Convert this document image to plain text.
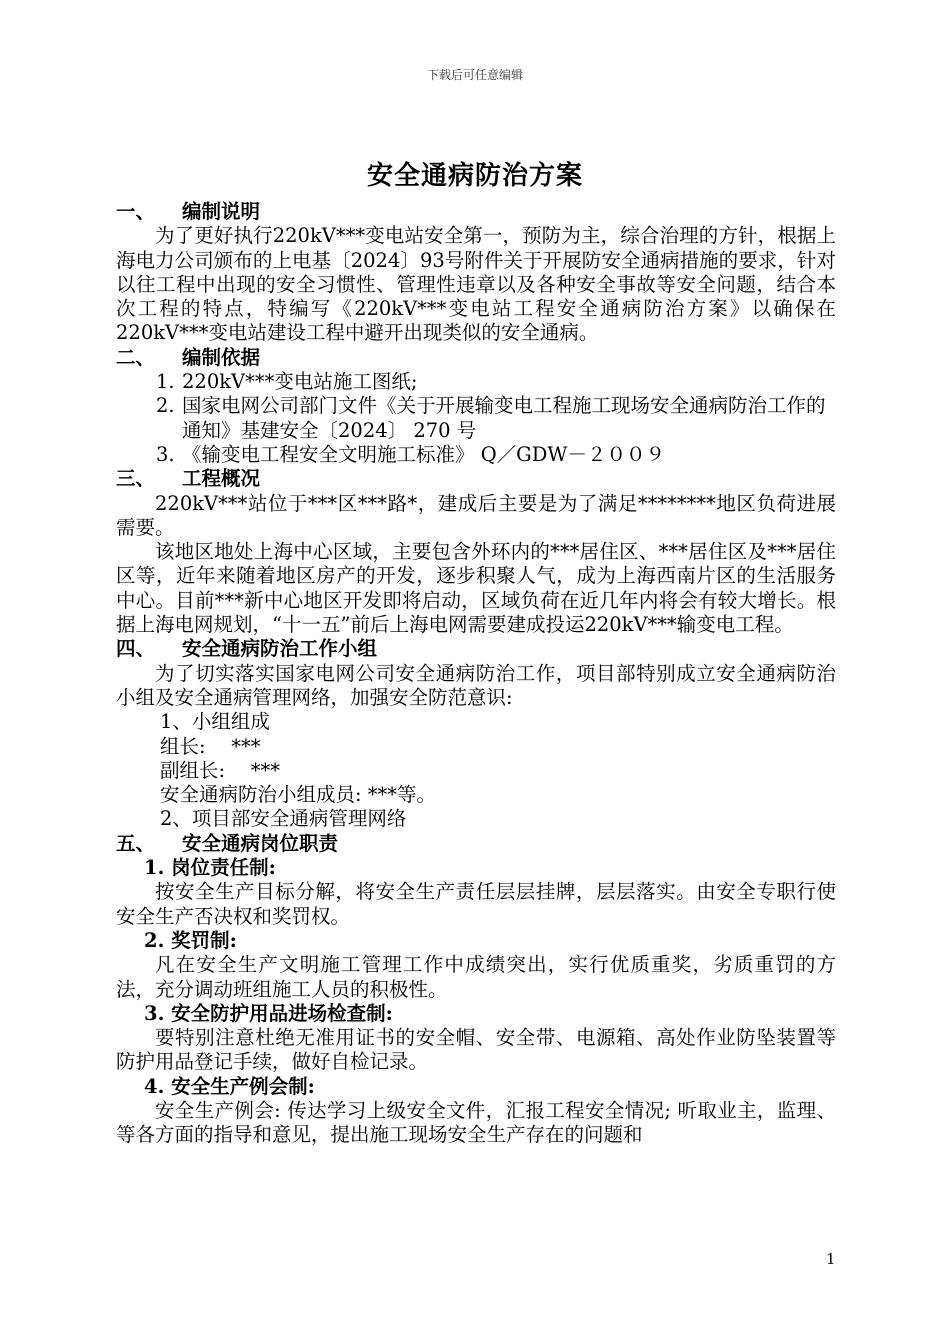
下载后可任意编辑
安全通病防治方案
一、 编制说明

为了更好执行220kV***变电站安全第一，预防为主，综合治理的方针，根据上海电力公司颁布的上电基〔2024〕93号附件关于开展防安全通病措施的要求，针对以往工程中出现的安全习惯性、管理性违章以及各种安全事故等安全问题，结合本次工程的特点，特编写《220kV***变电站工程安全通病防治方案》以确保在220kV***变电站建设工程中避开出现类似的安全通病。

二、 编制依据

1. 220kV***变电站施工图纸;

2. 国家电网公司部门文件《关于开展输变电工程施工现场安全通病防治工作的通知》基建安全〔2024〕 270 号

3. 《输变电工程安全文明施工标准》 Q／GDW－２００９

三、 工程概况

220kV***站位于***区***路*，建成后主要是为了满足********地区负荷进展需要。

该地区地处上海中心区域，主要包含外环内的***居住区、***居住区及***居住区等，近年来随着地区房产的开发，逐步积聚人气，成为上海西南片区的生活服务中心。目前***新中心地区开发即将启动，区域负荷在近几年内将会有较大增长。根据上海电网规划，“十一五”前后上海电网需要建成投运220kV***输变电工程。

四、 安全通病防治工作小组

为了切实落实国家电网公司安全通病防治工作，项目部特别成立安全通病防治小组及安全通病管理网络，加强安全防范意识:

1、小组组成

组长:　 ***

副组长:　 ***

安全通病防治小组成员: ***等。

2、项目部安全通病管理网络

五、 安全通病岗位职责

1. 岗位责任制:

按安全生产目标分解，将安全生产责任层层挂牌，层层落实。由安全专职行使安全生产否决权和奖罚权。

2. 奖罚制:

凡在安全生产文明施工管理工作中成绩突出，实行优质重奖，劣质重罚的方法，充分调动班组施工人员的积极性。

3. 安全防护用品进场检查制:

要特别注意杜绝无准用证书的安全帽、安全带、电源箱、高处作业防坠装置等防护用品登记手续，做好自检记录。

4. 安全生产例会制:

安全生产例会: 传达学习上级安全文件，汇报工程安全情况; 听取业主，监理、等各方面的指导和意见，提出施工现场安全生产存在的问题和

1
